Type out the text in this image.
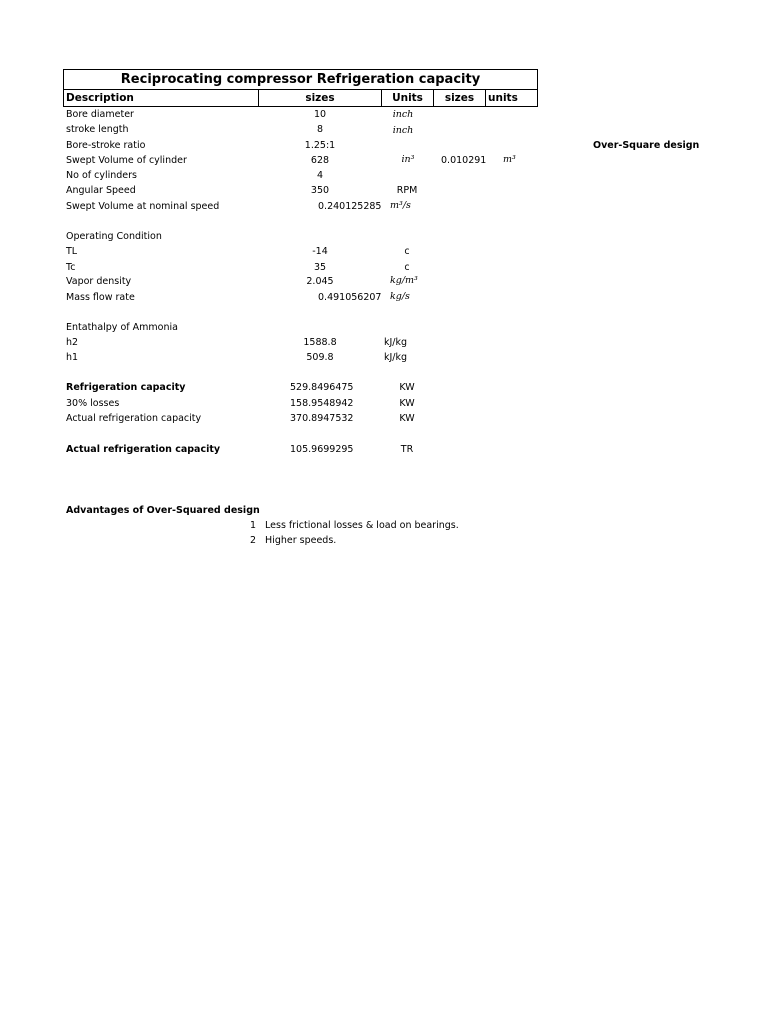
Reciprocating compressor Refrigeration capacity
Description	sizes	Units	sizes	units
Bore diameter	10	inch
stroke length	8	inch
Bore-stroke ratio	1.25:1
Swept Volume of cylinder	628	in³	0.010291 m³
Over-Square design
No of cylinders	4
Angular Speed	350	RPM
Swept Volume at nominal speed	0.240125285 m³/s
Operating Condition
TL	-14	c
Tc	35	c
Vapor density	2.045	kg/m³
Mass flow rate	0.491056207 kg/s
Entathalpy of Ammonia
h2	1588.8	kJ/kg
h1	509.8	kJ/kg
Refrigeration capacity	529.8496475	KW
30% losses	158.9548942	KW
Actual refrigeration capacity	370.8947532	KW
Actual refrigeration capacity	105.9699295	TR
Advantages of Over-Squared design
1 Less frictional losses & load on bearings.
2 Higher speeds.
